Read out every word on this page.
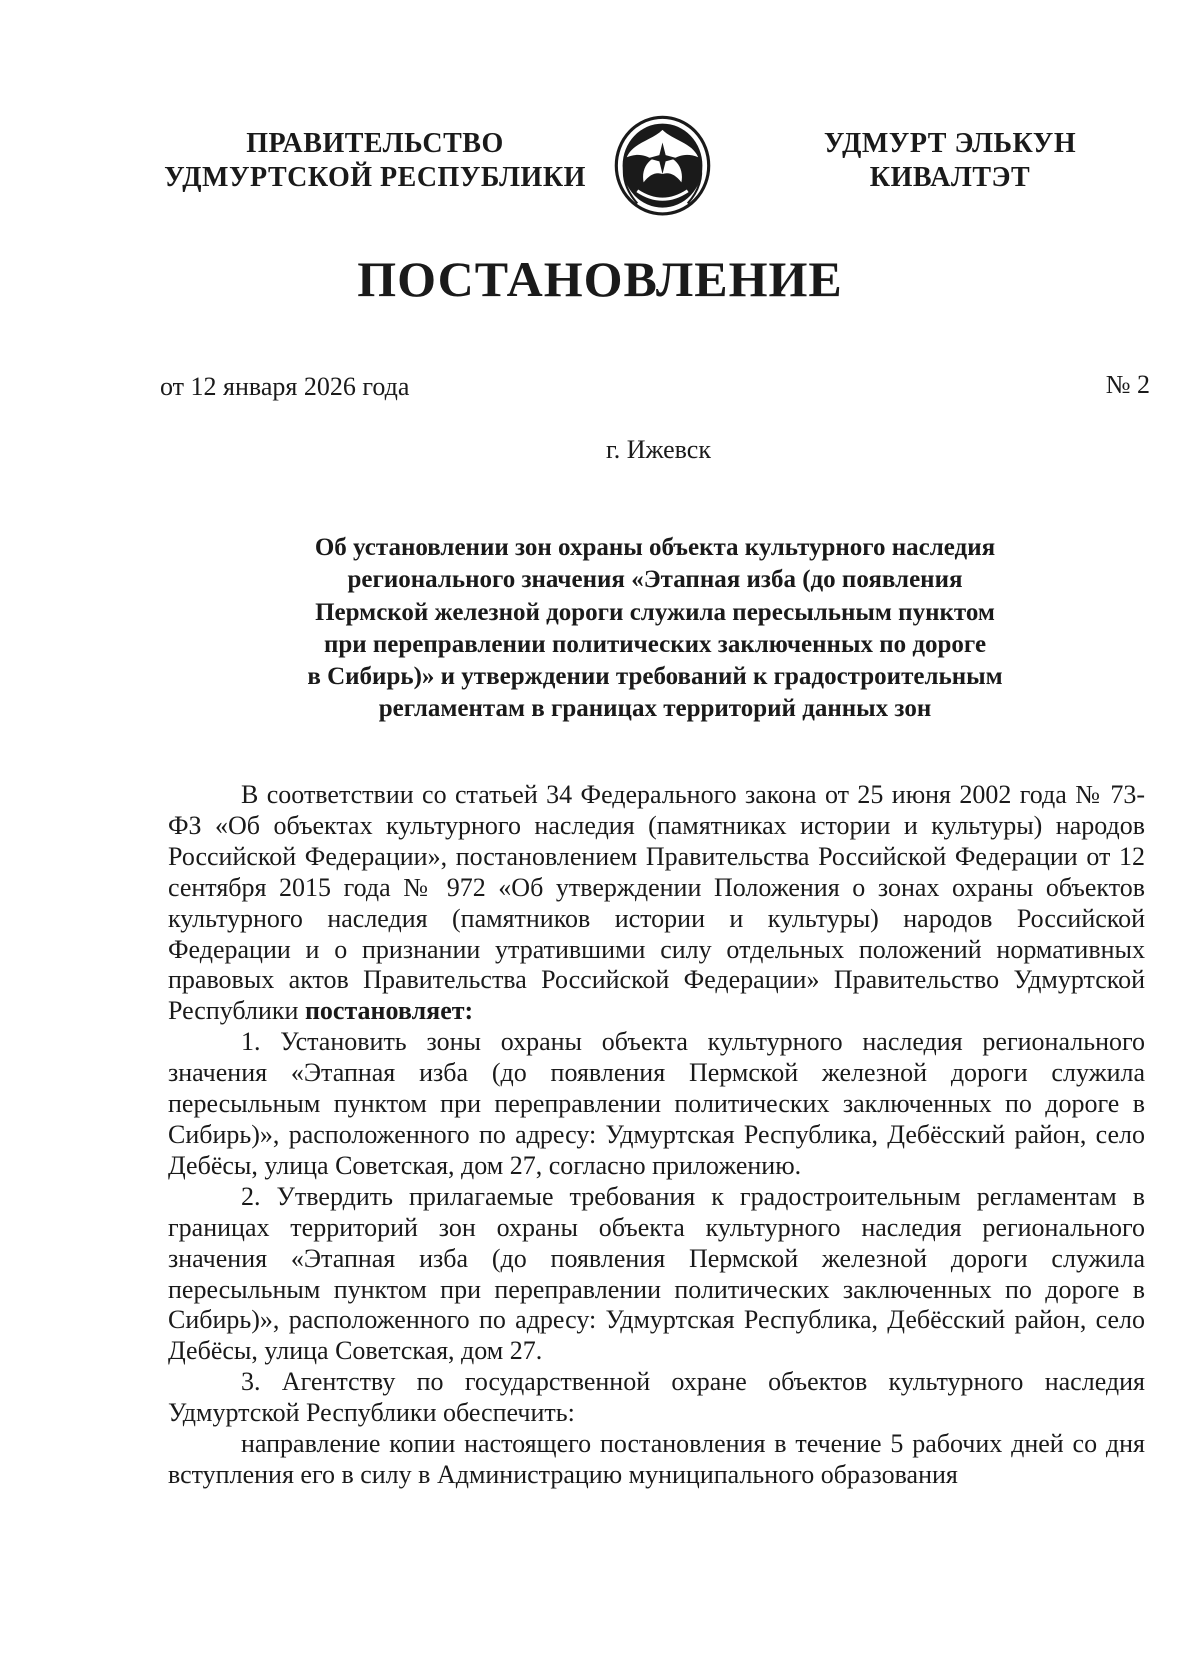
ПРАВИТЕЛЬСТВО
УДМУРТСКОЙ РЕСПУБЛИКИ
УДМУРТ ЭЛЬКУН
КИВАЛТЭТ
ПОСТАНОВЛЕНИЕ
от 12 января 2026 года	№ 2
г. Ижевск
Об установлении зон охраны объекта культурного наследия
регионального значения «Этапная изба (до появления
Пермской железной дороги служила пересыльным пунктом
при переправлении политических заключенных по дороге
в Сибирь)» и утверждении требований к градостроительным
регламентам в границах территорий данных зон

В соответствии со статьей 34 Федерального закона от 25 июня 2002 года № 73-ФЗ «Об объектах культурного наследия (памятниках истории и культуры) народов Российской Федерации», постановлением Правительства Российской Федерации от 12 сентября 2015 года № 972 «Об утверждении Положения о зонах охраны объектов культурного наследия (памятников истории и культуры) народов Российской Федерации и о признании утратившими силу отдельных положений нормативных правовых актов Правительства Российской Федерации» Правительство Удмуртской Республики постановляет:

1. Установить зоны охраны объекта культурного наследия регионального значения «Этапная изба (до появления Пермской железной дороги служила пересыльным пунктом при переправлении политических заключенных по дороге в Сибирь)», расположенного по адресу: Удмуртская Республика, Дебёсский район, село Дебёсы, улица Советская, дом 27, согласно приложению.

2. Утвердить прилагаемые требования к градостроительным регламентам в границах территорий зон охраны объекта культурного наследия регионального значения «Этапная изба (до появления Пермской железной дороги служила пересыльным пунктом при переправлении политических заключенных по дороге в Сибирь)», расположенного по адресу: Удмуртская Республика, Дебёсский район, село Дебёсы, улица Советская, дом 27.

3. Агентству по государственной охране объектов культурного наследия Удмуртской Республики обеспечить:

направление копии настоящего постановления в течение 5 рабочих дней со дня вступления его в силу в Администрацию муниципального образования
